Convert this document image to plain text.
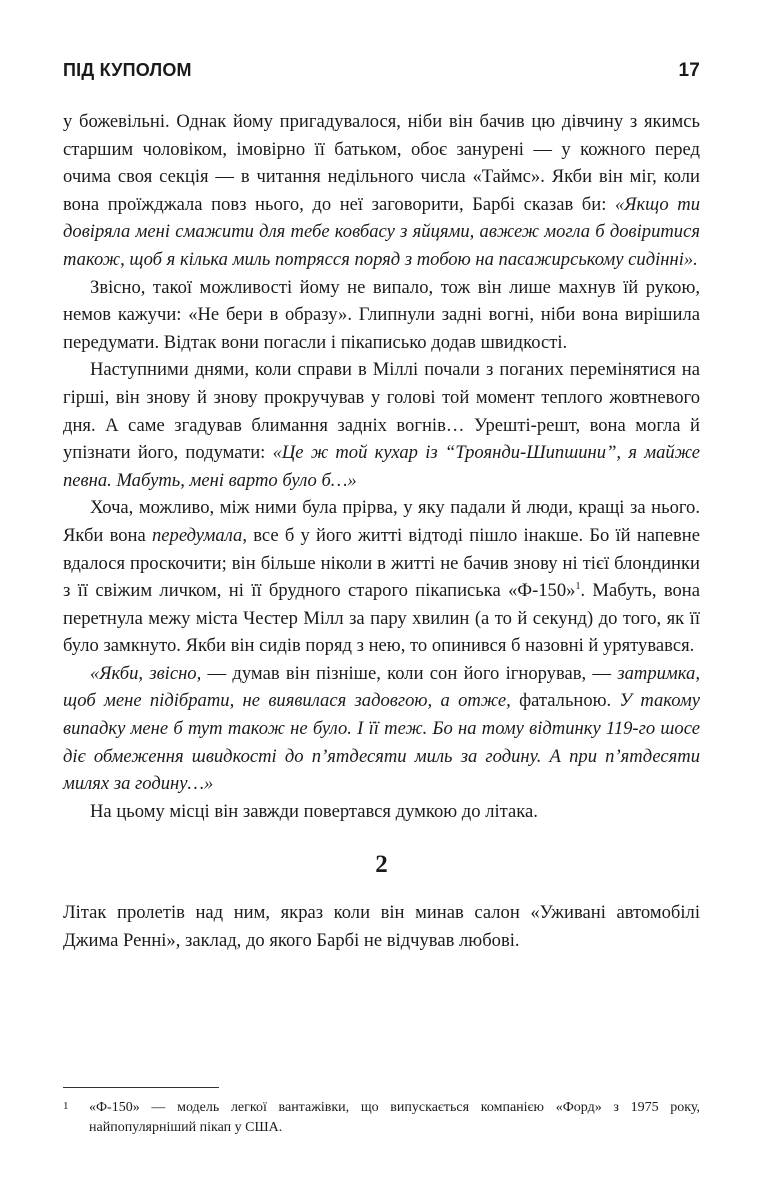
ПІД КУПОЛОМ	17

у божевільні. Однак йому пригадувалося, ніби він бачив цю дівчину з якимсь старшим чоловіком, імовірно її батьком, обоє занурені — у кожного перед очима своя секція — в читання недільного числа «Таймс». Якби він міг, коли вона проїжджала повз нього, до неї заговорити, Барбі сказав би: «Якщо ти довіряла мені смажити для тебе ковбасу з яйцями, авжеж могла б довіритися також, щоб я кілька миль потрясся поряд з тобою на пасажирському сидінні».

Звісно, такої можливості йому не випало, тож він лише махнув їй рукою, немов кажучи: «Не бери в образу». Глипнули задні вогні, ніби вона вирішила передумати. Відтак вони погасли і пікаписько додав швидкості.

Наступними днями, коли справи в Міллі почали з поганих перемінятися на гірші, він знову й знову прокручував у голові той момент теплого жовтневого дня. А саме згадував блимання задніх вогнів… Урешті-решт, вона могла й упізнати його, подумати: «Це ж той кухар із “Троянди-Шипшини”, я майже певна. Мабуть, мені варто було б…»

Хоча, можливо, між ними була прірва, у яку падали й люди, кращі за нього. Якби вона передумала, все б у його житті відтоді пішло інакше. Бо їй напевне вдалося проскочити; він більше ніколи в житті не бачив знову ні тієї блондинки з її свіжим личком, ні її брудного старого пікаписька «Ф-150»$^1$. Мабуть, вона перетнула межу міста Честер Мілл за пару хвилин (а то й секунд) до того, як її було замкнуто. Якби він сидів поряд з нею, то опинився б назовні й урятувався.

«Якби, звісно, — думав він пізніше, коли сон його ігнорував, — затримка, щоб мене підібрати, не виявилася задовгою, а отже, фатальною. У такому випадку мене б тут також не було. І її теж. Бо на тому відтинку 119-го шосе діє обмеження швидкості до п’ятдесяти миль за годину. А при п’ятдесяти милях за годину…»

На цьому місці він завжди повертався думкою до літака.

2

Літак пролетів над ним, якраз коли він минав салон «Уживані автомобілі Джима Ренні», заклад, до якого Барбі не відчував любові.

1	«Ф-150» — модель легкої вантажівки, що випускається компанією «Форд» з 1975 року, найпопулярніший пікап у США.
